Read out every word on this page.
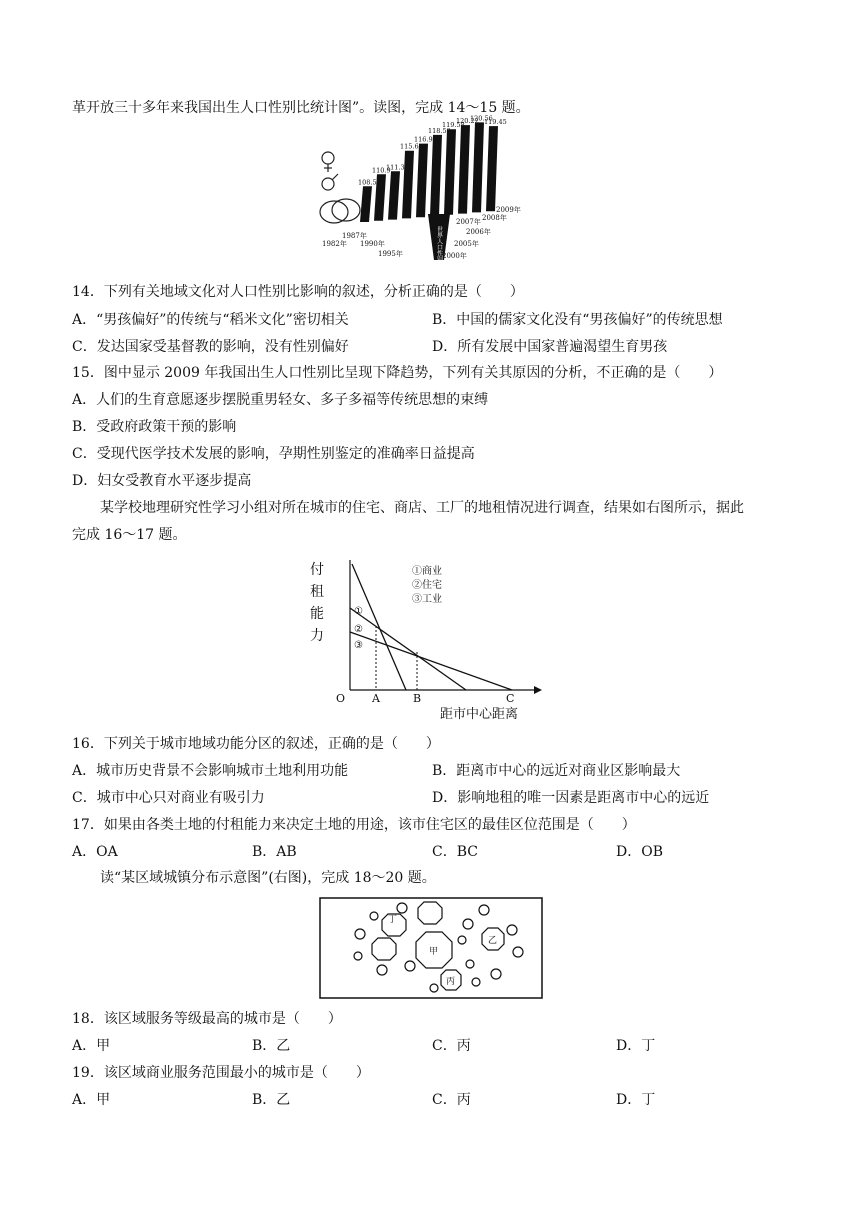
革开放三十多年来我国出生人口性别比统计图”。读图，完成 14～15 题。
世界人口性别比
108.5
110.9
111.3
115.6
116.9
118.58
119.58
120.22
120.56
119.45
1982年
1987年
1990年
1995年	2000年
2005年
2006年
2007年 2008年
2009年
14．下列有关地域文化对人口性别比影响的叙述，分析正确的是（　　）
A．“男孩偏好”的传统与“稻米文化”密切相关	B．中国的儒家文化没有“男孩偏好”的传统思想
C．发达国家受基督教的影响，没有性别偏好	D．所有发展中国家普遍渴望生育男孩
15．图中显示 2009 年我国出生人口性别比呈现下降趋势，下列有关其原因的分析，不正确的是（　　）
A．人们的生育意愿逐步摆脱重男轻女、多子多福等传统思想的束缚
B．受政府政策干预的影响
C．受现代医学技术发展的影响，孕期性别鉴定的准确率日益提高
D．妇女受教育水平逐步提高
某学校地理研究性学习小组对所在城市的住宅、商店、工厂的地租情况进行调查，结果如右图所示，据此
完成 16～17 题。
付
租
能
力
①
②
③
①商业
②住宅
③工业
O A	B	C
距市中心距离
16．下列关于城市地域功能分区的叙述，正确的是（　　）
A．城市历史背景不会影响城市土地利用功能	B．距离市中心的远近对商业区影响最大
C．城市中心只对商业有吸引力	D．影响地租的唯一因素是距离市中心的远近
17．如果由各类土地的付租能力来决定土地的用途，该市住宅区的最佳区位范围是（　　）
A．OA	B．AB	C．BC	D．OB
读“某区域城镇分布示意图”(右图)，完成 18～20 题。
丁
甲
乙
丙
18．该区域服务等级最高的城市是（　　）
A．甲	B．乙	C．丙	D．丁
19．该区域商业服务范围最小的城市是（　　）
A．甲	B．乙	C．丙	D．丁
